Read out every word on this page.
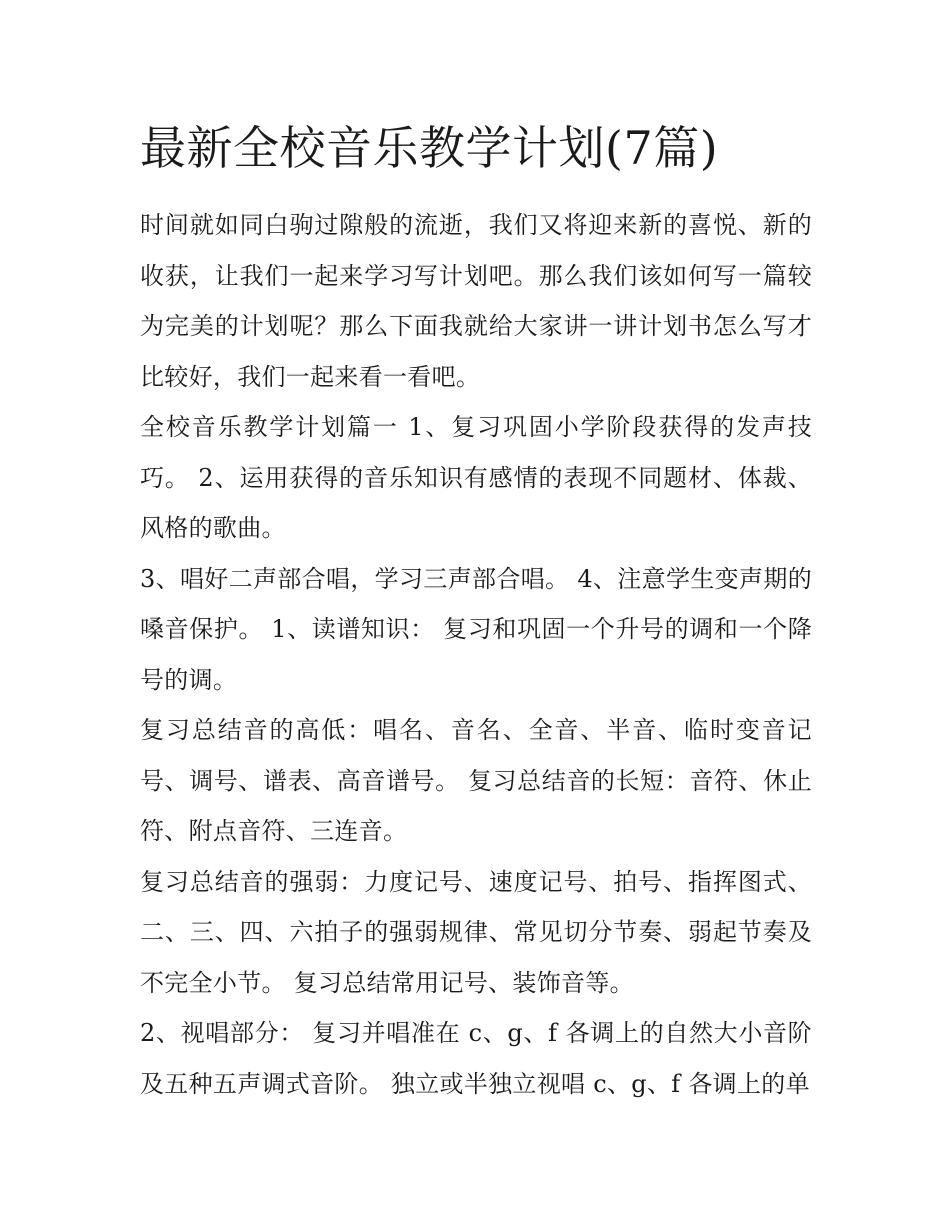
最新全校音乐教学计划(7篇)

时间就如同白驹过隙般的流逝，我们又将迎来新的喜悦、新的收获，让我们一起来学习写计划吧。那么我们该如何写一篇较为完美的计划呢？那么下面我就给大家讲一讲计划书怎么写才比较好，我们一起来看一看吧。

全校音乐教学计划篇一 1、复习巩固小学阶段获得的发声技巧。 2、运用获得的音乐知识有感情的表现不同题材、体裁、风格的歌曲。

3、唱好二声部合唱，学习三声部合唱。 4、注意学生变声期的嗓音保护。 1、读谱知识： 复习和巩固一个升号的调和一个降号的调。

复习总结音的高低：唱名、音名、全音、半音、临时变音记号、调号、谱表、高音谱号。 复习总结音的长短：音符、休止符、附点音符、三连音。

复习总结音的强弱：力度记号、速度记号、拍号、指挥图式、二、三、四、六拍子的强弱规律、常见切分节奏、弱起节奏及不完全小节。 复习总结常用记号、装饰音等。

2、视唱部分： 复习并唱准在 c、g、f 各调上的自然大小音阶及五种五声调式音阶。 独立或半独立视唱 c、g、f 各调上的单
